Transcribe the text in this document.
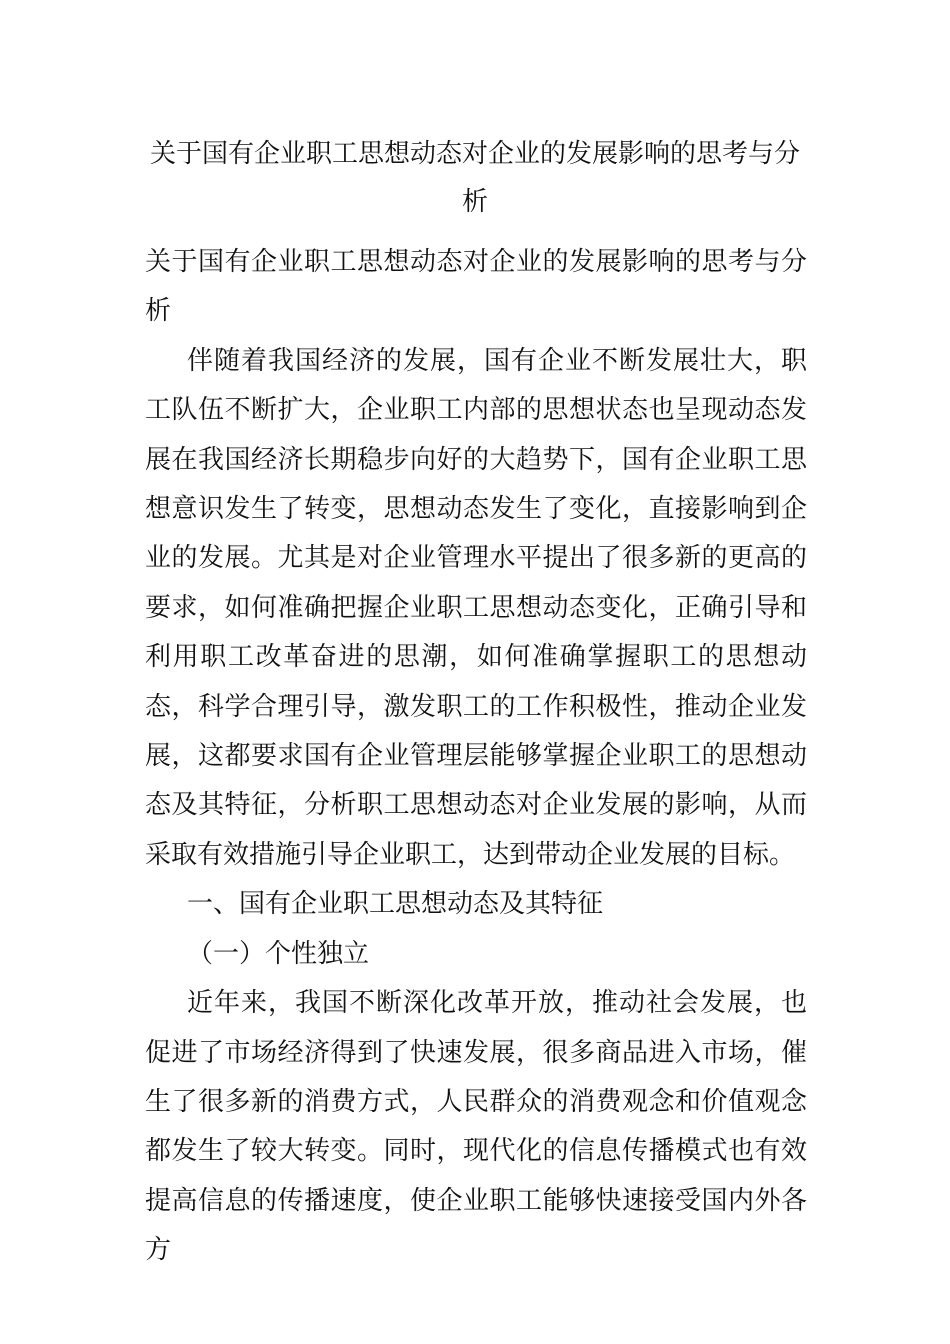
关于国有企业职工思想动态对企业的发展影响的思考与分析

关于国有企业职工思想动态对企业的发展影响的思考与分析

伴随着我国经济的发展，国有企业不断发展壮大，职工队伍不断扩大，企业职工内部的思想状态也呈现动态发展在我国经济长期稳步向好的大趋势下，国有企业职工思想意识发生了转变，思想动态发生了变化，直接影响到企业的发展。尤其是对企业管理水平提出了很多新的更高的要求，如何准确把握企业职工思想动态变化，正确引导和利用职工改革奋进的思潮，如何准确掌握职工的思想动态，科学合理引导，激发职工的工作积极性，推动企业发展，这都要求国有企业管理层能够掌握企业职工的思想动态及其特征，分析职工思想动态对企业发展的影响，从而采取有效措施引导企业职工，达到带动企业发展的目标。

一、国有企业职工思想动态及其特征

（一）个性独立

近年来，我国不断深化改革开放，推动社会发展，也促进了市场经济得到了快速发展，很多商品进入市场，催生了很多新的消费方式，人民群众的消费观念和价值观念都发生了较大转变。同时，现代化的信息传播模式也有效提高信息的传播速度，使企业职工能够快速接受国内外各方
